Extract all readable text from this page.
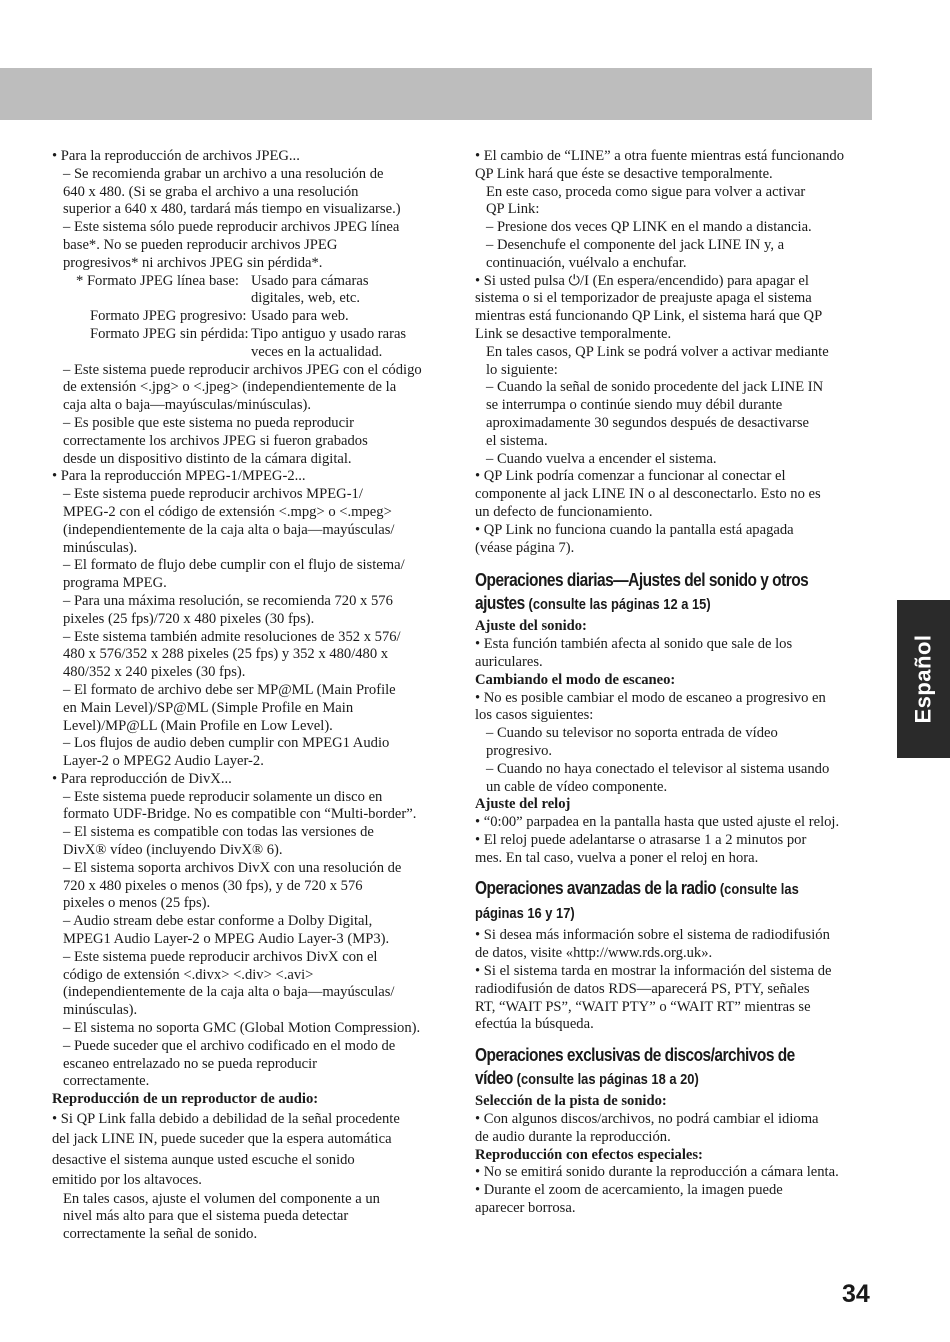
• Para la reproducción de archivos JPEG...
– Se recomienda grabar un archivo a una resolución de
640 x 480. (Si se graba el archivo a una resolución
superior a 640 x 480, tardará más tiempo en visualizarse.)
– Este sistema sólo puede reproducir archivos JPEG línea
base*. No se pueden reproducir archivos JPEG
progresivos* ni archivos JPEG sin pérdida*.
* Formato JPEG línea base: Usado para cámaras
digitales, web, etc.
Formato JPEG progresivo: Usado para web.
Formato JPEG sin pérdida: Tipo antiguo y usado raras
veces en la actualidad.
– Este sistema puede reproducir archivos JPEG con el código
de extensión <.jpg> o <.jpeg> (independientemente de la
caja alta o baja—mayúsculas/minúsculas).
– Es posible que este sistema no pueda reproducir
correctamente los archivos JPEG si fueron grabados
desde un dispositivo distinto de la cámara digital.
• Para la reproducción MPEG-1/MPEG-2...
– Este sistema puede reproducir archivos MPEG-1/
MPEG-2 con el código de extensión <.mpg> o <.mpeg>
(independientemente de la caja alta o baja—mayúsculas/
minúsculas).
– El formato de flujo debe cumplir con el flujo de sistema/
programa MPEG.
– Para una máxima resolución, se recomienda 720 x 576
pixeles (25 fps)/720 x 480 pixeles (30 fps).
– Este sistema también admite resoluciones de 352 x 576/
480 x 576/352 x 288 pixeles (25 fps) y 352 x 480/480 x
480/352 x 240 pixeles (30 fps).
– El formato de archivo debe ser MP@ML (Main Profile
en Main Level)/SP@ML (Simple Profile en Main
Level)/MP@LL (Main Profile en Low Level).
– Los flujos de audio deben cumplir con MPEG1 Audio
Layer-2 o MPEG2 Audio Layer-2.
• Para reproducción de DivX...
– Este sistema puede reproducir solamente un disco en
formato UDF-Bridge. No es compatible con “Multi-border”.
– El sistema es compatible con todas las versiones de
DivX® vídeo (incluyendo DivX® 6).
– El sistema soporta archivos DivX con una resolución de
720 x 480 pixeles o menos (30 fps), y de 720 x 576
pixeles o menos (25 fps).
– Audio stream debe estar conforme a Dolby Digital,
MPEG1 Audio Layer-2 o MPEG Audio Layer-3 (MP3).
– Este sistema puede reproducir archivos DivX con el
código de extensión <.divx> <.div> <.avi>
(independientemente de la caja alta o baja—mayúsculas/
minúsculas).
– El sistema no soporta GMC (Global Motion Compression).
– Puede suceder que el archivo codificado en el modo de
escaneo entrelazado no se pueda reproducir
correctamente.
Reproducción de un reproductor de audio:
• Si QP Link falla debido a debilidad de la señal procedente
del jack LINE IN, puede suceder que la espera automática
desactive el sistema aunque usted escuche el sonido
emitido por los altavoces.
En tales casos, ajuste el volumen del componente a un
nivel más alto para que el sistema pueda detectar
correctamente la señal de sonido.
• El cambio de “LINE” a otra fuente mientras está funcionando
QP Link hará que éste se desactive temporalmente.
En este caso, proceda como sigue para volver a activar
QP Link:
– Presione dos veces QP LINK en el mando a distancia.
– Desenchufe el componente del jack LINE IN y, a
continuación, vuélvalo a enchufar.
• Si usted pulsa ⏻/I (En espera/encendido) para apagar el
sistema o si el temporizador de preajuste apaga el sistema
mientras está funcionando QP Link, el sistema hará que QP
Link se desactive temporalmente.
En tales casos, QP Link se podrá volver a activar mediante
lo siguiente:
– Cuando la señal de sonido procedente del jack LINE IN
se interrumpa o continúe siendo muy débil durante
aproximadamente 30 segundos después de desactivarse
el sistema.
– Cuando vuelva a encender el sistema.
• QP Link podría comenzar a funcionar al conectar el
componente al jack LINE IN o al desconectarlo. Esto no es
un defecto de funcionamiento.
• QP Link no funciona cuando la pantalla está apagada
(véase página 7).
Operaciones diarias—Ajustes del sonido y otros
ajustes (consulte las páginas 12 a 15)
Ajuste del sonido:
• Esta función también afecta al sonido que sale de los
auriculares.
Cambiando el modo de escaneo:
• No es posible cambiar el modo de escaneo a progresivo en
los casos siguientes:
– Cuando su televisor no soporta entrada de vídeo
progresivo.
– Cuando no haya conectado el televisor al sistema usando
un cable de vídeo componente.
Ajuste del reloj
• “0:00” parpadea en la pantalla hasta que usted ajuste el reloj.
• El reloj puede adelantarse o atrasarse 1 a 2 minutos por
mes. En tal caso, vuelva a poner el reloj en hora.
Operaciones avanzadas de la radio (consulte las
páginas 16 y 17)
• Si desea más información sobre el sistema de radiodifusión
de datos, visite «http://www.rds.org.uk».
• Si el sistema tarda en mostrar la información del sistema de
radiodifusión de datos RDS—aparecerá PS, PTY, señales
RT, “WAIT PS”, “WAIT PTY” o “WAIT RT” mientras se
efectúa la búsqueda.
Operaciones exclusivas de discos/archivos de
vídeo (consulte las páginas 18 a 20)
Selección de la pista de sonido:
• Con algunos discos/archivos, no podrá cambiar el idioma
de audio durante la reproducción.
Reproducción con efectos especiales:
• No se emitirá sonido durante la reproducción a cámara lenta.
• Durante el zoom de acercamiento, la imagen puede
aparecer borrosa.
Español
34
